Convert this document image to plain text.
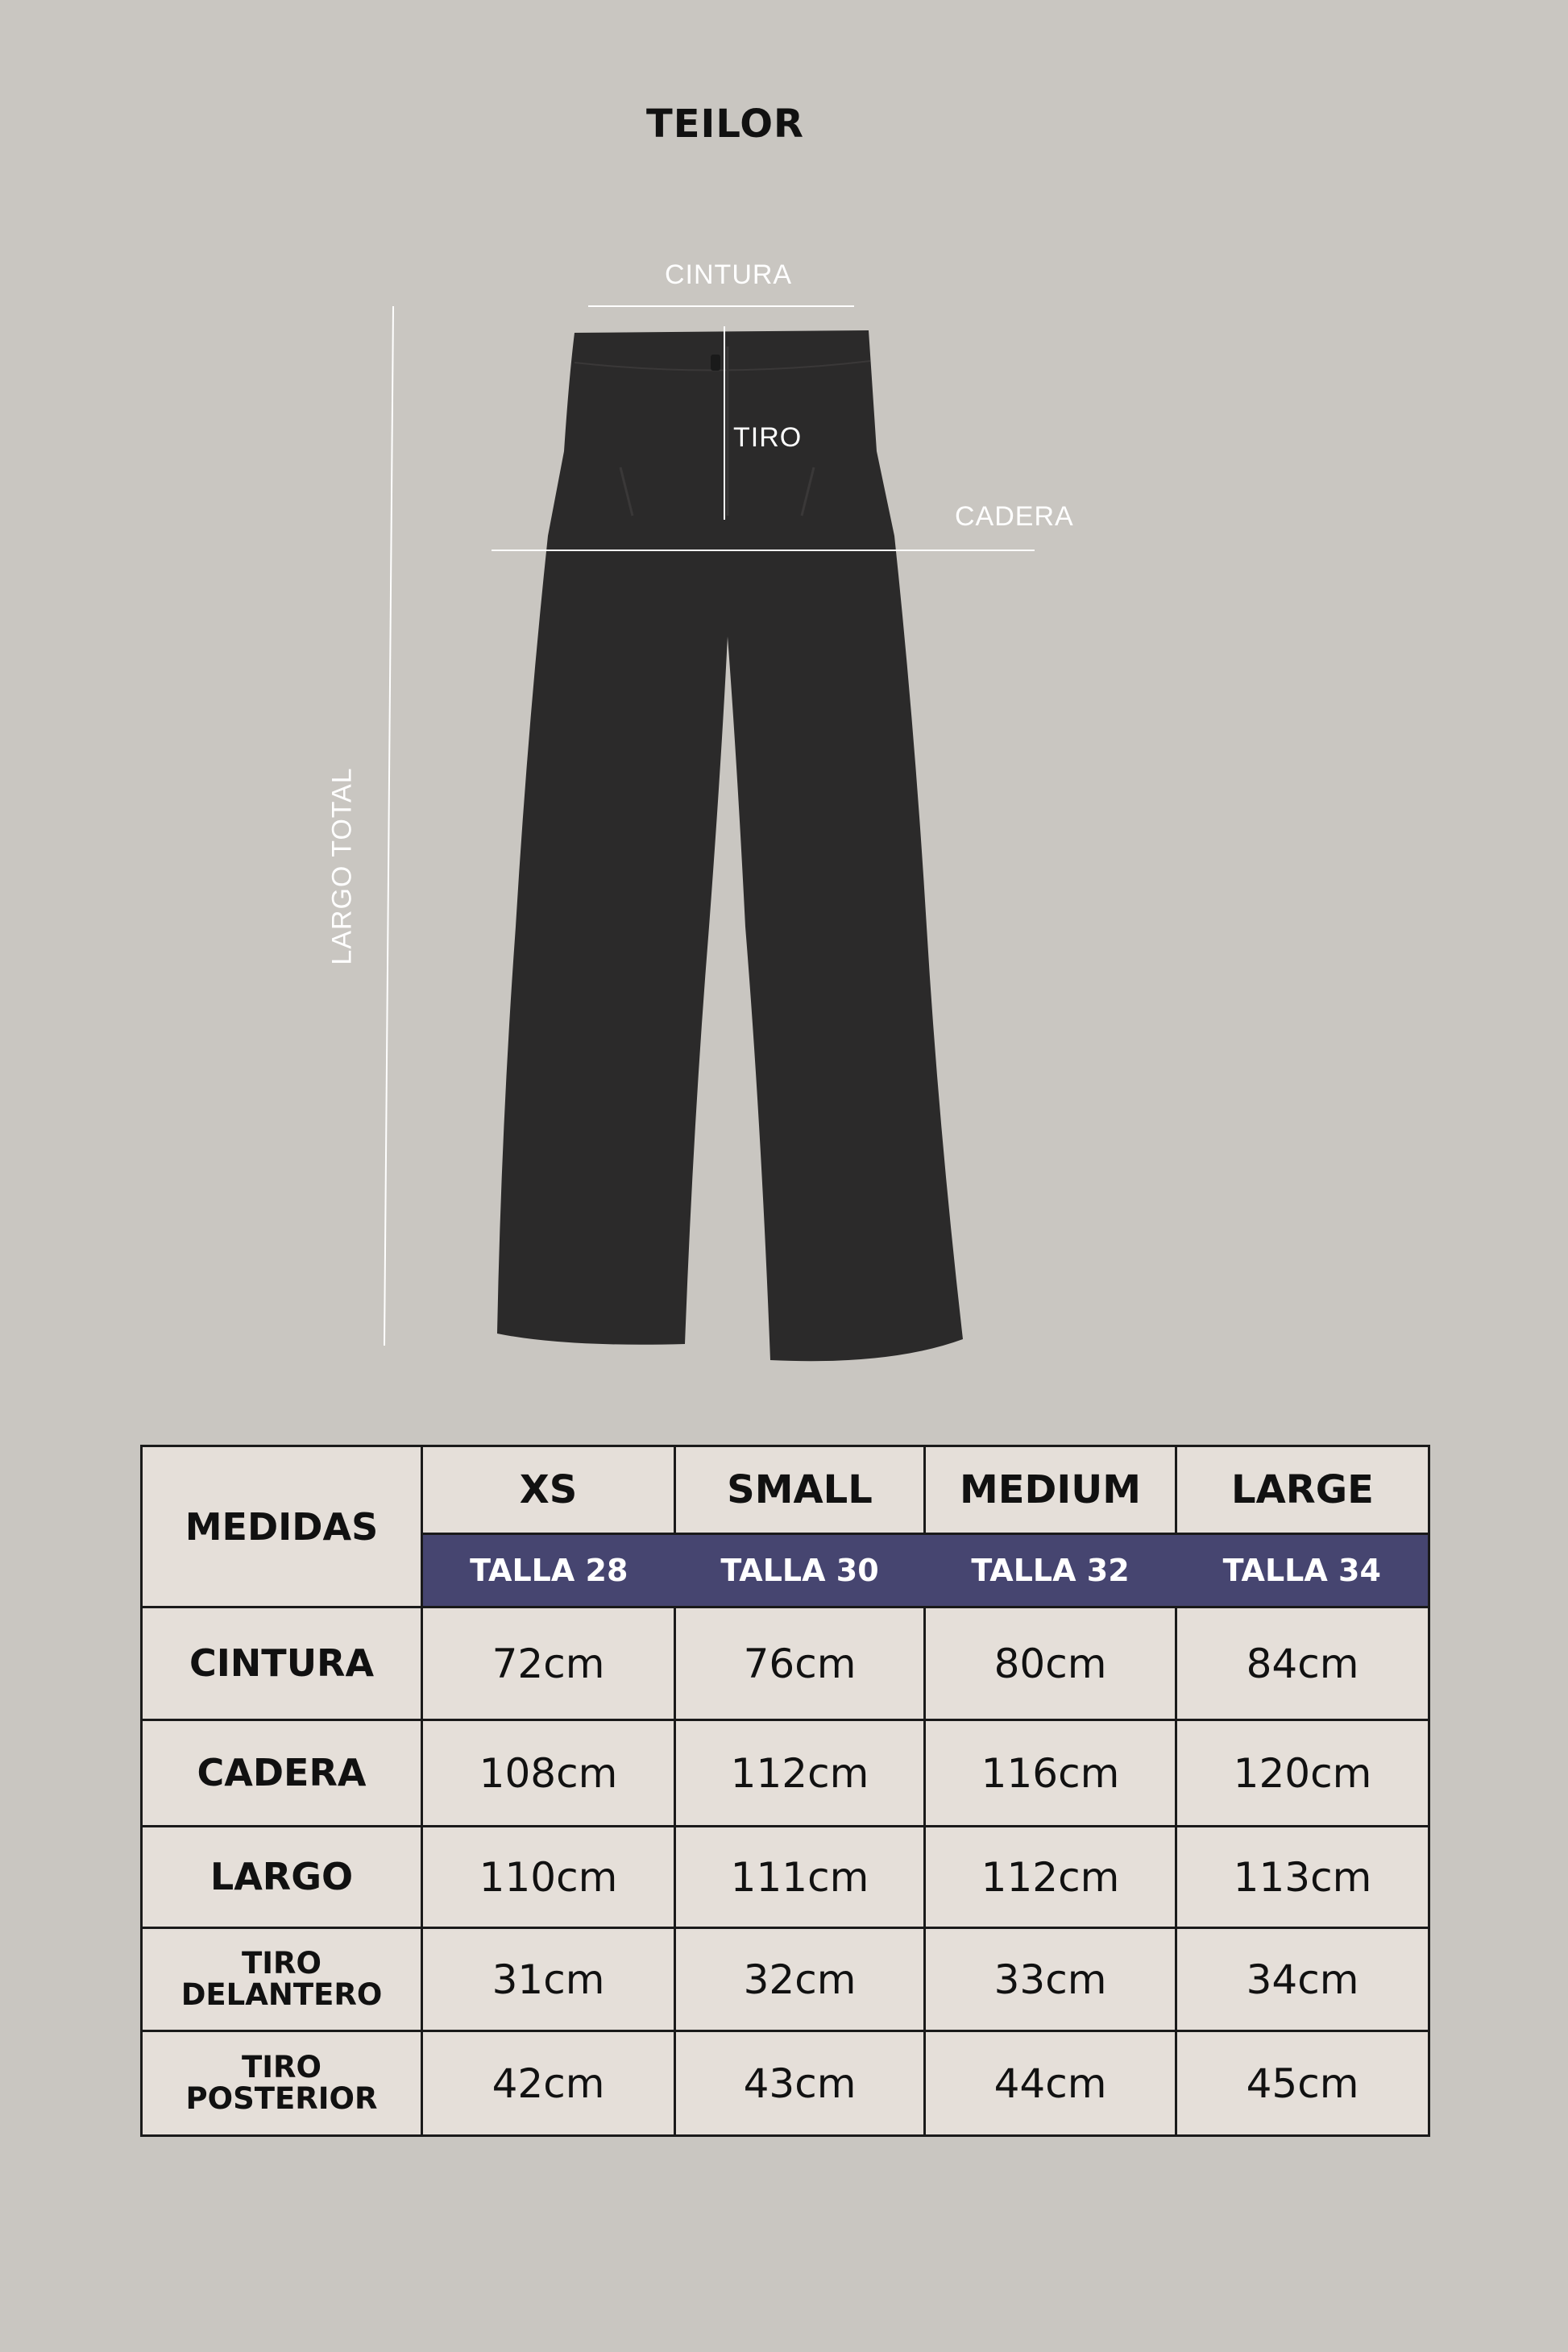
TEILOR
CINTURA
TIRO
CADERA
LARGO TOTAL
MEDIDAS	XS	SMALL	MEDIUM	LARGE
	TALLA 28	TALLA 30	TALLA 32	TALLA 34
CINTURA	72cm	76cm	80cm	84cm
CADERA	108cm	112cm	116cm	120cm
LARGO	110cm	111cm	112cm	113cm

TIRO
DELANTERO	31cm	32cm	33cm	34cm

TIRO
POSTERIOR	42cm	43cm	44cm	45cm
